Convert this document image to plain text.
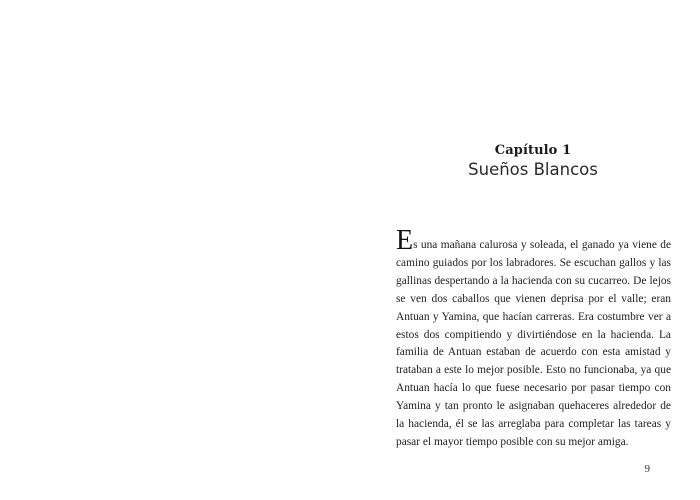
Capítulo 1
Sueños Blancos

Es una mañana calurosa y soleada, el ganado ya viene de camino guiados por los labradores. Se escuchan gallos y las gallinas despertando a la hacienda con su cucarreo. De lejos se ven dos caballos que vienen deprisa por el valle; eran Antuan y Yamina, que hacían carreras. Era costumbre ver a estos dos compitiendo y divirtiéndose en la hacienda. La familia de Antuan estaban de acuerdo con esta amistad y trataban a este lo mejor posible. Esto no funcionaba, ya que Antuan hacía lo que fuese necesario por pasar tiempo con Yamina y tan pronto le asignaban quehaceres alrededor de la hacienda, él se las arreglaba para completar las tareas y pasar el mayor tiempo posible con su mejor amiga.

9
